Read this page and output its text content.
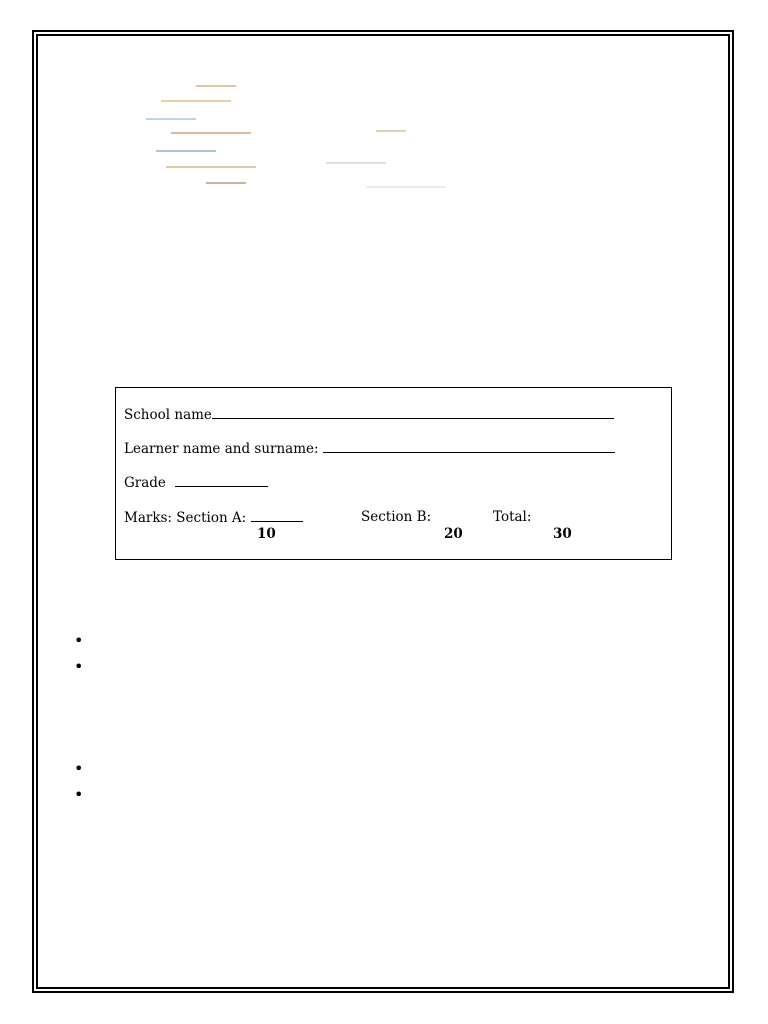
School name
Learner name and surname:
Grade
Marks: Section A:	Section B:	Total:
10	20	30
•
•
•
•
